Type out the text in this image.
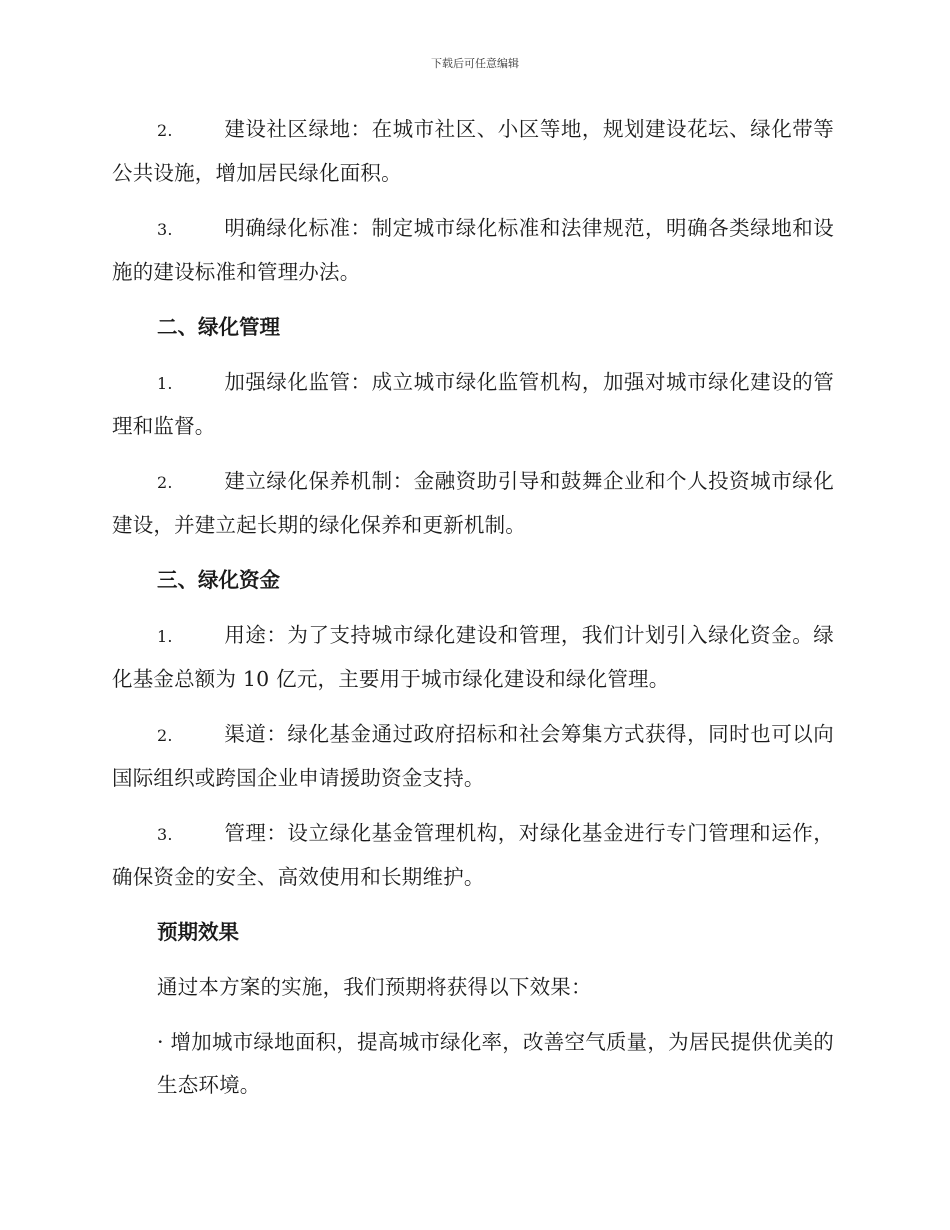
下载后可任意编辑

2.	建设社区绿地：在城市社区、小区等地，规划建设花坛、绿化带等公共设施，增加居民绿化面积。

3.	明确绿化标准：制定城市绿化标准和法律规范，明确各类绿地和设施的建设标准和管理办法。

二、绿化管理

1.	加强绿化监管：成立城市绿化监管机构，加强对城市绿化建设的管理和监督。

2.	建立绿化保养机制：金融资助引导和鼓舞企业和个人投资城市绿化建设，并建立起长期的绿化保养和更新机制。

三、绿化资金

1.	用途：为了支持城市绿化建设和管理，我们计划引入绿化资金。绿化基金总额为 10 亿元，主要用于城市绿化建设和绿化管理。

2.	渠道：绿化基金通过政府招标和社会筹集方式获得，同时也可以向国际组织或跨国企业申请援助资金支持。

3.	管理：设立绿化基金管理机构，对绿化基金进行专门管理和运作，确保资金的安全、高效使用和长期维护。

预期效果

通过本方案的实施，我们预期将获得以下效果：

· 增加城市绿地面积，提高城市绿化率，改善空气质量，为居民提供优美的生态环境。
